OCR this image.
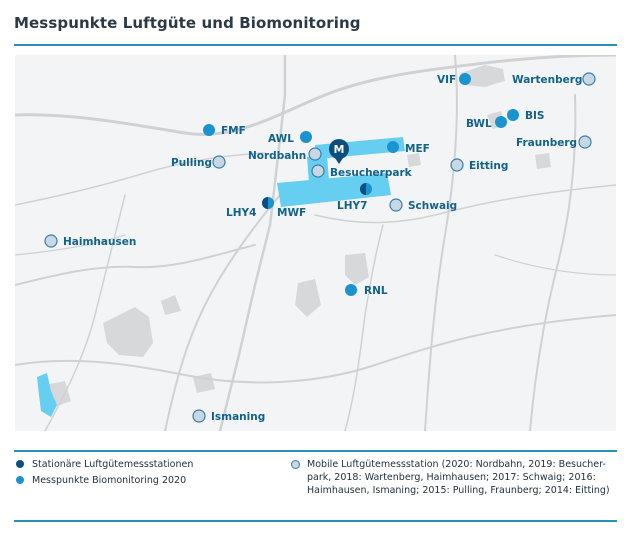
Messpunkte Luftgüte und Biomonitoring
M
VIF	Wartenberg
BIS
BWL
Fraunberg
FMF
AWL
Nordbahn
MEF
Pulling	Eitting
Besucherpark
LHY4 MWF
LHY7	Schwaig
Haimhausen
RNL
Ismaning
Stationäre Luftgütemessstationen
Messpunkte Biomonitoring 2020
Mobile Luftgütemessstation (2020: Nordbahn, 2019: Besucher-
park, 2018: Wartenberg, Haimhausen; 2017: Schwaig; 2016:
Haimhausen, Ismaning; 2015: Pulling, Fraunberg; 2014: Eitting)
